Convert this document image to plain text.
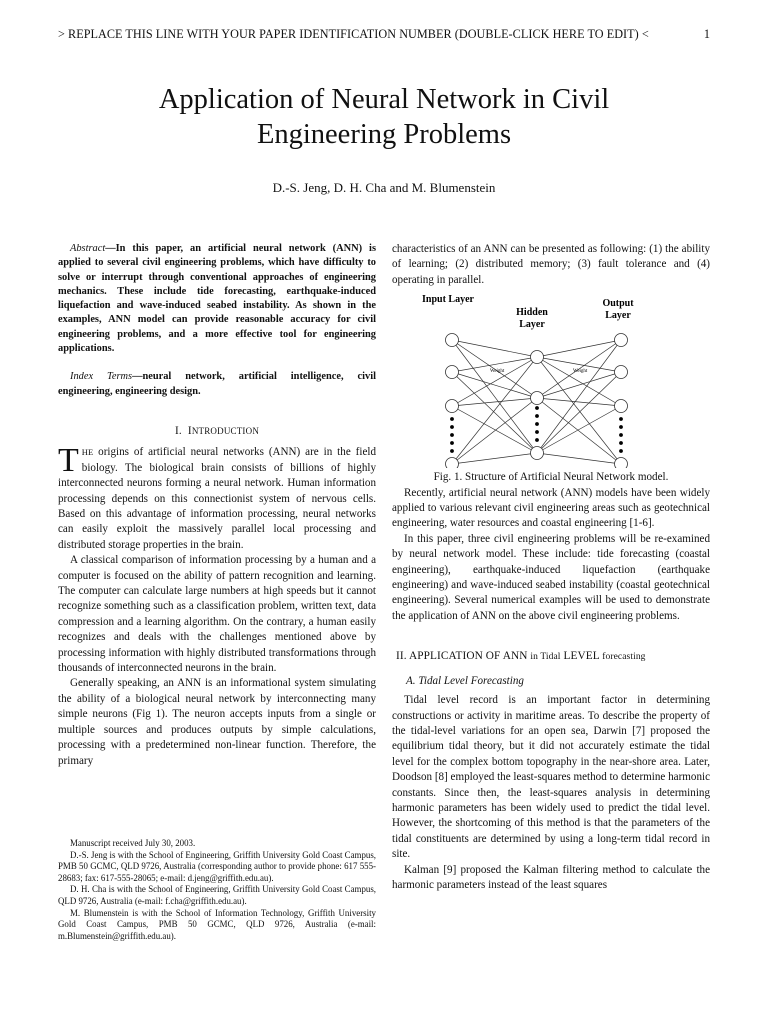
> REPLACE THIS LINE WITH YOUR PAPER IDENTIFICATION NUMBER (DOUBLE-CLICK HERE TO EDIT) <	1
Application of Neural Network in Civil
Engineering Problems
D.-S. Jeng, D. H. Cha and M. Blumenstein

Abstract—In this paper, an artificial neural network (ANN) is applied to several civil engineering problems, which have difficulty to solve or interrupt through conventional approaches of engineering mechanics. These include tide forecasting, earthquake-induced liquefaction and wave-induced seabed instability. As shown in the examples, ANN model can provide reasonable accuracy for civil engineering problems, and a more effective tool for engineering applications.

Index Terms—neural network, artificial intelligence, civil engineering, engineering design.

I. INTRODUCTION

THE origins of artificial neural networks (ANN) are in the field biology. The biological brain consists of billions of highly interconnected neurons forming a neural network. Human information processing depends on this connectionist system of nervous cells. Based on this advantage of information processing, neural networks can easily exploit the massively parallel local processing and distributed storage properties in the brain.

A classical comparison of information processing by a human and a computer is focused on the ability of pattern recognition and learning. The computer can calculate large numbers at high speeds but it cannot recognize something such as a classification problem, written text, data compression and a learning algorithm. On the contrary, a human easily recognizes and deals with the challenges mentioned above by processing information with highly distributed transformations through thousands of interconnected neurons in the brain.

Generally speaking, an ANN is an informational system simulating the ability of a biological neural network by interconnecting many simple neurons (Fig 1). The neuron accepts inputs from a single or multiple sources and produces outputs by simple calculations, processing with a predetermined non-linear function. Therefore, the primary

Manuscript received July 30, 2003.

D.-S. Jeng is with the School of Engineering, Griffith University Gold Coast Campus, PMB 50 GCMC, QLD 9726, Australia (corresponding author to provide phone: 617 555-28683; fax: 617-555-28065; e-mail: d.jeng@griffith.edu.au).

D. H. Cha is with the School of Engineering, Griffith University Gold Coast Campus, QLD 9726, Australia (e-mail: f.cha@griffith.edu.au).

M. Blumenstein is with the School of Information Technology, Griffith University Gold Coast Campus, PMB 50 GCMC, QLD 9726, Australia (e-mail: m.Blumenstein@griffith.edu.au).

characteristics of an ANN can be presented as following: (1) the ability of learning; (2) distributed memory; (3) fault tolerance and (4) operating in parallel.

Input Layer
Hidden
Layer
Output
Layer
Weight	Weight

Fig. 1. Structure of Artificial Neural Network model.

Recently, artificial neural network (ANN) models have been widely applied to various relevant civil engineering areas such as geotechnical engineering, water resources and coastal engineering [1-6].

In this paper, three civil engineering problems will be re-examined by neural network model. These include: tide forecasting (coastal engineering), earthquake-induced liquefaction (earthquake engineering) and wave-induced seabed instability (coastal geotechnical engineering). Several numerical examples will be used to demonstrate the application of ANN on the above civil engineering problems.

II. APPLICATION OF ANN in Tidal LEVEL forecasting

A. Tidal Level Forecasting

Tidal level record is an important factor in determining constructions or activity in maritime areas. To describe the property of the tidal-level variations for an open sea, Darwin [7] proposed the equilibrium tidal theory, but it did not accurately estimate the tidal level for the complex bottom topography in the near-shore area. Later, Doodson [8] employed the least-squares method to determine harmonic constants. Since then, the least-squares analysis in determining harmonic parameters has been widely used to predict the tidal level. However, the shortcoming of this method is that the parameters of the tidal constituents are determined by using a long-term tidal record in site.

Kalman [9] proposed the Kalman filtering method to calculate the harmonic parameters instead of the least squares
